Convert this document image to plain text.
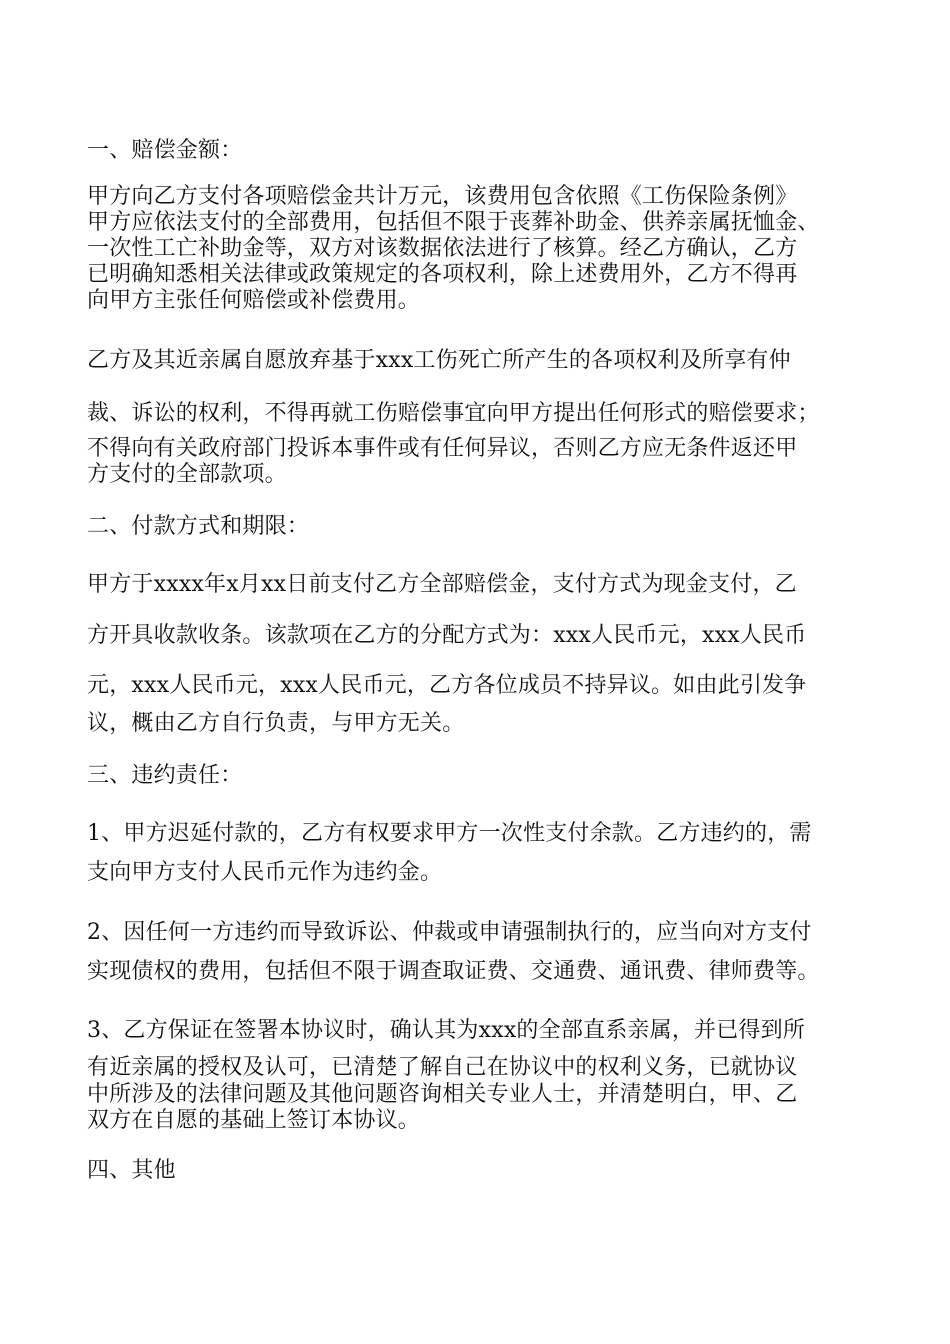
一、赔偿金额：
甲方向乙方支付各项赔偿金共计万元，该费用包含依照《工伤保险条例》
甲方应依法支付的全部费用，包括但不限于丧葬补助金、供养亲属抚恤金、
一次性工亡补助金等，双方对该数据依法进行了核算。经乙方确认，乙方
已明确知悉相关法律或政策规定的各项权利，除上述费用外，乙方不得再
向甲方主张任何赔偿或补偿费用。
乙方及其近亲属自愿放弃基于xxx工伤死亡所产生的各项权利及所享有仲
裁、诉讼的权利，不得再就工伤赔偿事宜向甲方提出任何形式的赔偿要求；
不得向有关政府部门投诉本事件或有任何异议，否则乙方应无条件返还甲
方支付的全部款项。
二、付款方式和期限：
甲方于xxxx年x月xx日前支付乙方全部赔偿金，支付方式为现金支付，乙
方开具收款收条。该款项在乙方的分配方式为：xxx人民币元，xxx人民币
元，xxx人民币元，xxx人民币元，乙方各位成员不持异议。如由此引发争
议，概由乙方自行负责，与甲方无关。
三、违约责任：
1、甲方迟延付款的，乙方有权要求甲方一次性支付余款。乙方违约的，需
支向甲方支付人民币元作为违约金。
2、因任何一方违约而导致诉讼、仲裁或申请强制执行的，应当向对方支付
实现债权的费用，包括但不限于调查取证费、交通费、通讯费、律师费等。
3、乙方保证在签署本协议时，确认其为xxx的全部直系亲属，并已得到所
有近亲属的授权及认可，已清楚了解自己在协议中的权利义务，已就协议
中所涉及的法律问题及其他问题咨询相关专业人士，并清楚明白，甲、乙
双方在自愿的基础上签订本协议。
四、其他
